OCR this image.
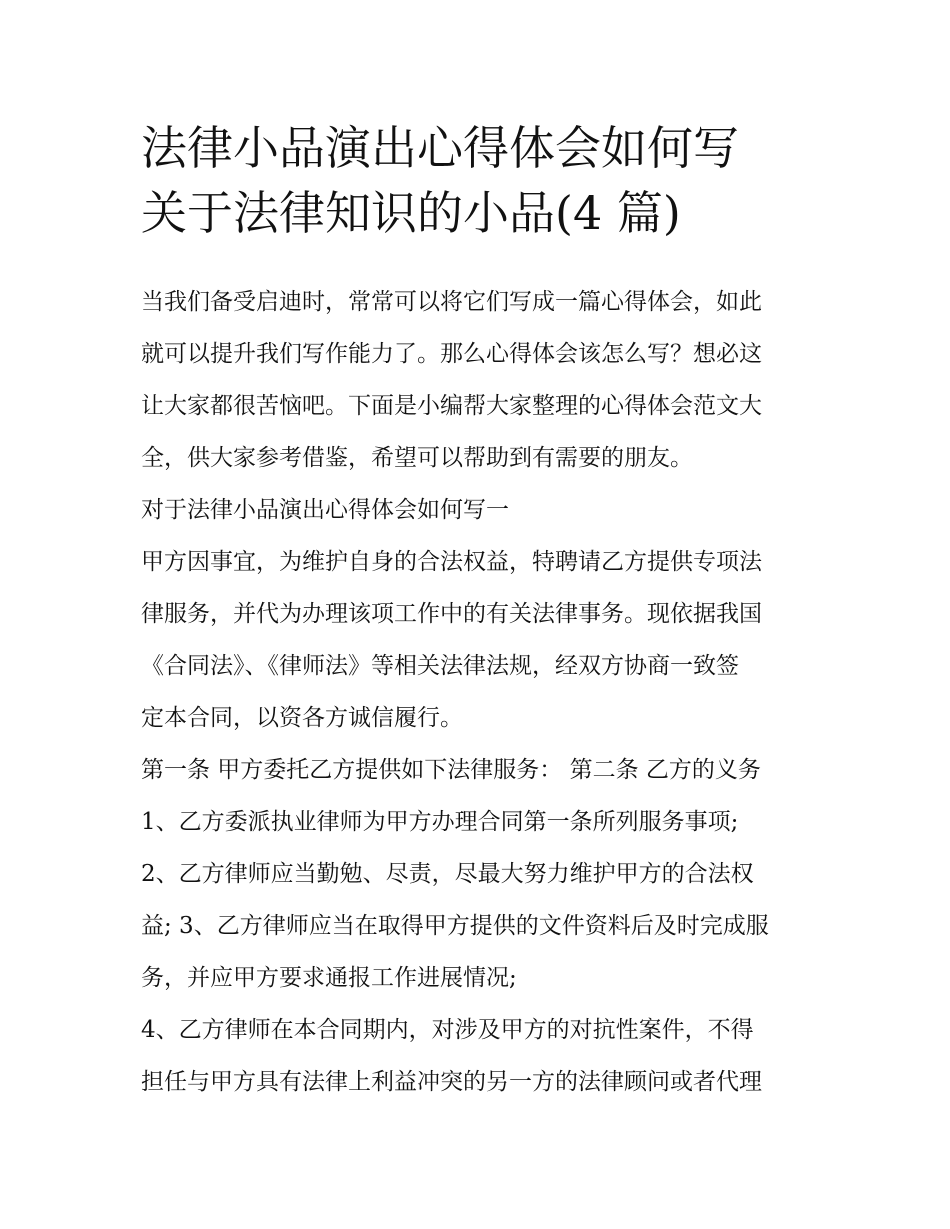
法律小品演出心得体会如何写
关于法律知识的小品(4 篇)
当我们备受启迪时，常常可以将它们写成一篇心得体会，如此
就可以提升我们写作能力了。那么心得体会该怎么写？想必这
让大家都很苦恼吧。下面是小编帮大家整理的心得体会范文大
全，供大家参考借鉴，希望可以帮助到有需要的朋友。
对于法律小品演出心得体会如何写一
甲方因事宜，为维护自身的合法权益，特聘请乙方提供专项法
律服务，并代为办理该项工作中的有关法律事务。现依据我国
《合同法》、《律师法》等相关法律法规，经双方协商一致签
定本合同，以资各方诚信履行。
第一条 甲方委托乙方提供如下法律服务： 第二条 乙方的义务
1、乙方委派执业律师为甲方办理合同第一条所列服务事项;
2、乙方律师应当勤勉、尽责，尽最大努力维护甲方的合法权
益; 3、乙方律师应当在取得甲方提供的文件资料后及时完成服
务，并应甲方要求通报工作进展情况;
4、乙方律师在本合同期内，对涉及甲方的对抗性案件，不得
担任与甲方具有法律上利益冲突的另一方的法律顾问或者代理
